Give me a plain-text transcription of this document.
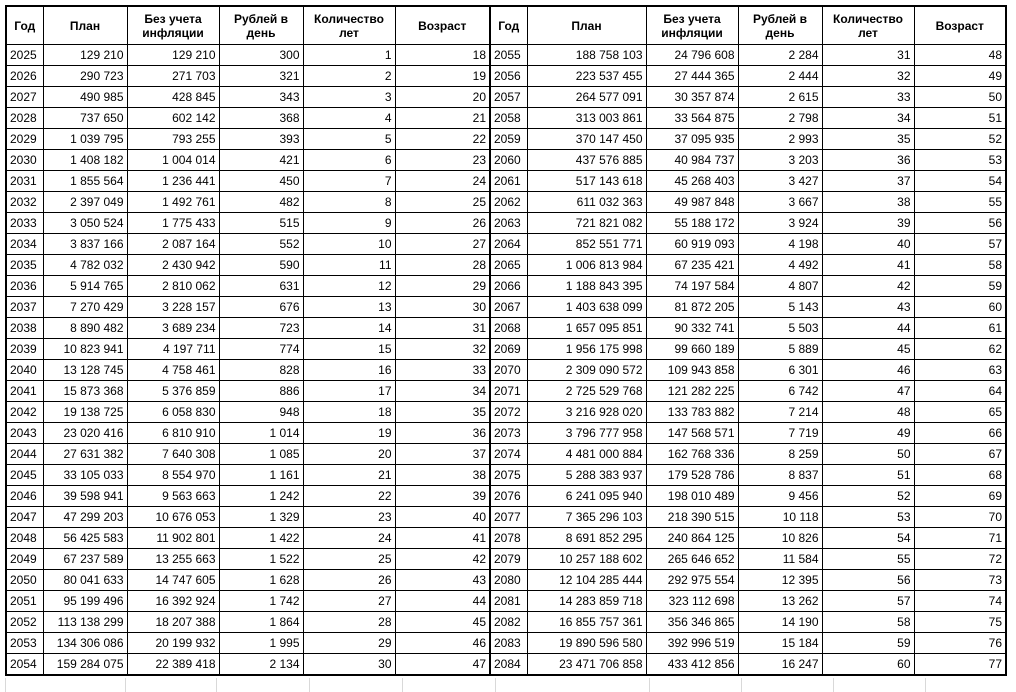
Год	План	Без учета инфляции	Рублей в день	Количество лет	Возраст	Год	План	Без учета инфляции	Рублей в день	Количество лет	Возраст
2025	129 210	129 210	300	1	18	2055	188 758 103	24 796 608	2 284	31	48
2026	290 723	271 703	321	2	19	2056	223 537 455	27 444 365	2 444	32	49
2027	490 985	428 845	343	3	20	2057	264 577 091	30 357 874	2 615	33	50
2028	737 650	602 142	368	4	21	2058	313 003 861	33 564 875	2 798	34	51
2029	1 039 795	793 255	393	5	22	2059	370 147 450	37 095 935	2 993	35	52
2030	1 408 182	1 004 014	421	6	23	2060	437 576 885	40 984 737	3 203	36	53
2031	1 855 564	1 236 441	450	7	24	2061	517 143 618	45 268 403	3 427	37	54
2032	2 397 049	1 492 761	482	8	25	2062	611 032 363	49 987 848	3 667	38	55
2033	3 050 524	1 775 433	515	9	26	2063	721 821 082	55 188 172	3 924	39	56
2034	3 837 166	2 087 164	552	10	27	2064	852 551 771	60 919 093	4 198	40	57
2035	4 782 032	2 430 942	590	11	28	2065	1 006 813 984	67 235 421	4 492	41	58
2036	5 914 765	2 810 062	631	12	29	2066	1 188 843 395	74 197 584	4 807	42	59
2037	7 270 429	3 228 157	676	13	30	2067	1 403 638 099	81 872 205	5 143	43	60
2038	8 890 482	3 689 234	723	14	31	2068	1 657 095 851	90 332 741	5 503	44	61
2039	10 823 941	4 197 711	774	15	32	2069	1 956 175 998	99 660 189	5 889	45	62
2040	13 128 745	4 758 461	828	16	33	2070	2 309 090 572	109 943 858	6 301	46	63
2041	15 873 368	5 376 859	886	17	34	2071	2 725 529 768	121 282 225	6 742	47	64
2042	19 138 725	6 058 830	948	18	35	2072	3 216 928 020	133 783 882	7 214	48	65
2043	23 020 416	6 810 910	1 014	19	36	2073	3 796 777 958	147 568 571	7 719	49	66
2044	27 631 382	7 640 308	1 085	20	37	2074	4 481 000 884	162 768 336	8 259	50	67
2045	33 105 033	8 554 970	1 161	21	38	2075	5 288 383 937	179 528 786	8 837	51	68
2046	39 598 941	9 563 663	1 242	22	39	2076	6 241 095 940	198 010 489	9 456	52	69
2047	47 299 203	10 676 053	1 329	23	40	2077	7 365 296 103	218 390 515	10 118	53	70
2048	56 425 583	11 902 801	1 422	24	41	2078	8 691 852 295	240 864 125	10 826	54	71
2049	67 237 589	13 255 663	1 522	25	42	2079	10 257 188 602	265 646 652	11 584	55	72
2050	80 041 633	14 747 605	1 628	26	43	2080	12 104 285 444	292 975 554	12 395	56	73
2051	95 199 496	16 392 924	1 742	27	44	2081	14 283 859 718	323 112 698	13 262	57	74
2052	113 138 299	18 207 388	1 864	28	45	2082	16 855 757 361	356 346 865	14 190	58	75
2053	134 306 086	20 199 932	1 995	29	46	2083	19 890 596 580	392 996 519	15 184	59	76
2054	159 284 075	22 389 418	2 134	30	47	2084	23 471 706 858	433 412 856	16 247	60	77
